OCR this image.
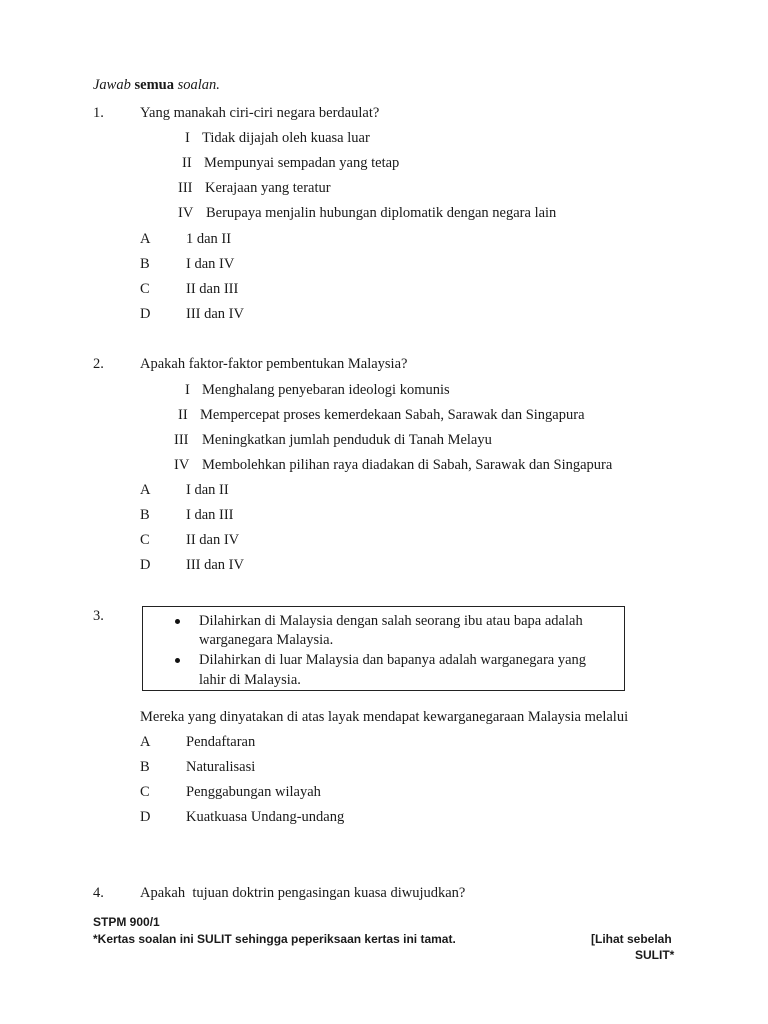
Jawab semua soalan.
1. Yang manakah ciri-ciri negara berdaulat?
I Tidak dijajah oleh kuasa luar
II Mempunyai sempadan yang tetap
III Kerajaan yang teratur
IV Berupaya menjalin hubungan diplomatik dengan negara lain
A 1 dan II
B	I dan IV
C	II dan III
D III dan IV
2. Apakah faktor-faktor pembentukan Malaysia?
I Menghalang penyebaran ideologi komunis
II Mempercepat proses kemerdekaan Sabah, Sarawak dan Singapura
III Meningkatkan jumlah penduduk di Tanah Melayu
IV Membolehkan pilihan raya diadakan di Sabah, Sarawak dan Singapura
A I dan II
B	I dan III
C	II dan IV
D III dan IV
3.	Dilahirkan di Malaysia dengan salah seorang ibu atau bapa adalah
warganegara Malaysia.
Dilahirkan di luar Malaysia dan bapanya adalah warganegara yang
lahir di Malaysia.
Mereka yang dinyatakan di atas layak mendapat kewarganegaraan Malaysia melalui
A Pendaftaran
B	Naturalisasi
C	Penggabungan wilayah
D Kuatkuasa Undang-undang
4. Apakah  tujuan doktrin pengasingan kuasa diwujudkan?
STPM 900/1
*Kertas soalan ini SULIT sehingga peperiksaan kertas ini tamat.	[Lihat sebelah
SULIT*
